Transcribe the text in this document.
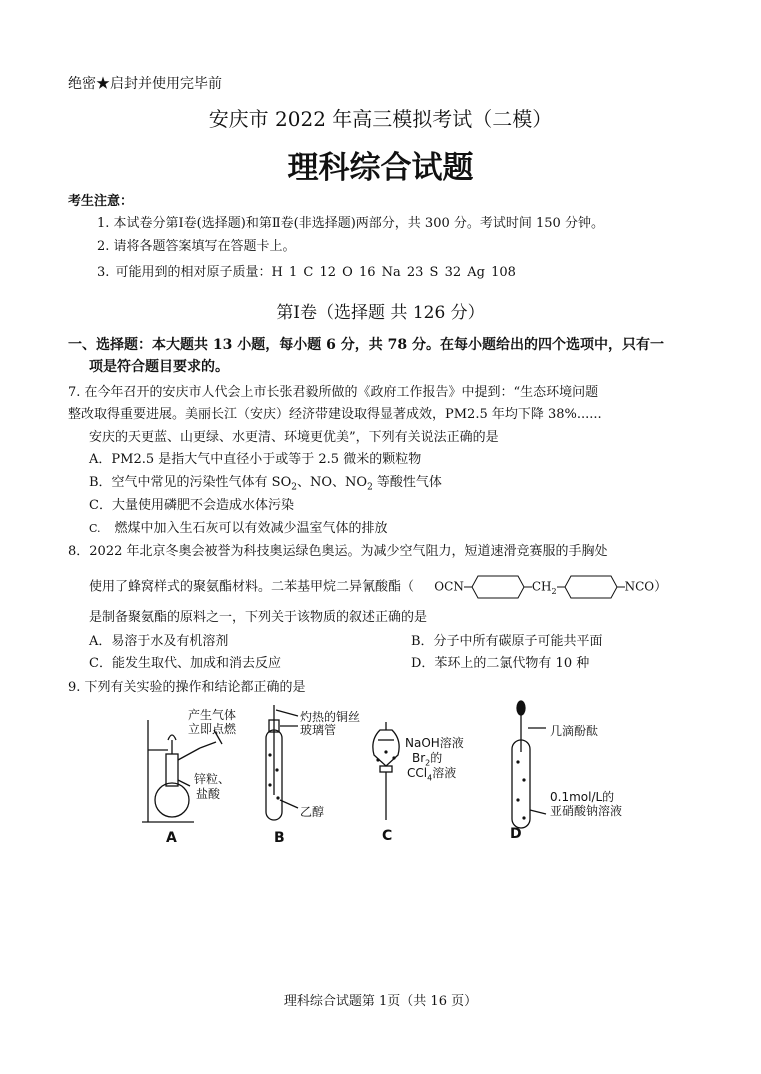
绝密★启封并使用完毕前
安庆市 2022 年高三模拟考试（二模）
理科综合试题
考生注意：
1. 本试卷分第Ⅰ卷(选择题)和第Ⅱ卷(非选择题)两部分，共 300 分。考试时间 150 分钟。
2. 请将各题答案填写在答题卡上。
3. 可能用到的相对原子质量：H 1 C 12 O 16 Na 23 S 32 Ag 108
第Ⅰ卷（选择题 共 126 分）
一、选择题：本大题共 13 小题，每小题 6 分，共 78 分。在每小题给出的四个选项中，只有一
项是符合题目要求的。
7. 在今年召开的安庆市人代会上市长张君毅所做的《政府工作报告》中提到：“生态环境问题
整改取得重要进展。美丽长江（安庆）经济带建设取得显著成效，PM2.5 年均下降 38%......
安庆的天更蓝、山更绿、水更清、环境更优美”，下列有关说法正确的是
A．PM2.5 是指大气中直径小于或等于 2.5 微米的颗粒物
B．空气中常见的污染性气体有 $SO_2$、NO、$NO_2$ 等酸性气体
C．大量使用磷肥不会造成水体污染
C. 燃煤中加入生石灰可以有效减少温室气体的排放
8．2022 年北京冬奥会被誉为科技奥运绿色奥运。为减少空气阻力，短道速滑竞赛服的手胸处
使用了蜂窝样式的聚氨酯材料。二苯基甲烷二异氰酸酯（ OCN	$CH_2$	NCO）
是制备聚氨酯的原料之一，下列关于该物质的叙述正确的是
A．易溶于水及有机溶剂	B．分子中所有碳原子可能共平面
C．能发生取代、加成和消去反应	D．苯环上的二氯代物有 10 种
9. 下列有关实验的操作和结论都正确的是
产生气体
立即点燃
锌粒、
盐酸
灼热的铜丝
玻璃管
乙醇
NaOH溶液
$Br_2$的
CCl$_4$溶液
几滴酚酞
0.1mol/L的
亚硝酸钠溶液
A	B	C	D
理科综合试题第 1页（共 16 页）
